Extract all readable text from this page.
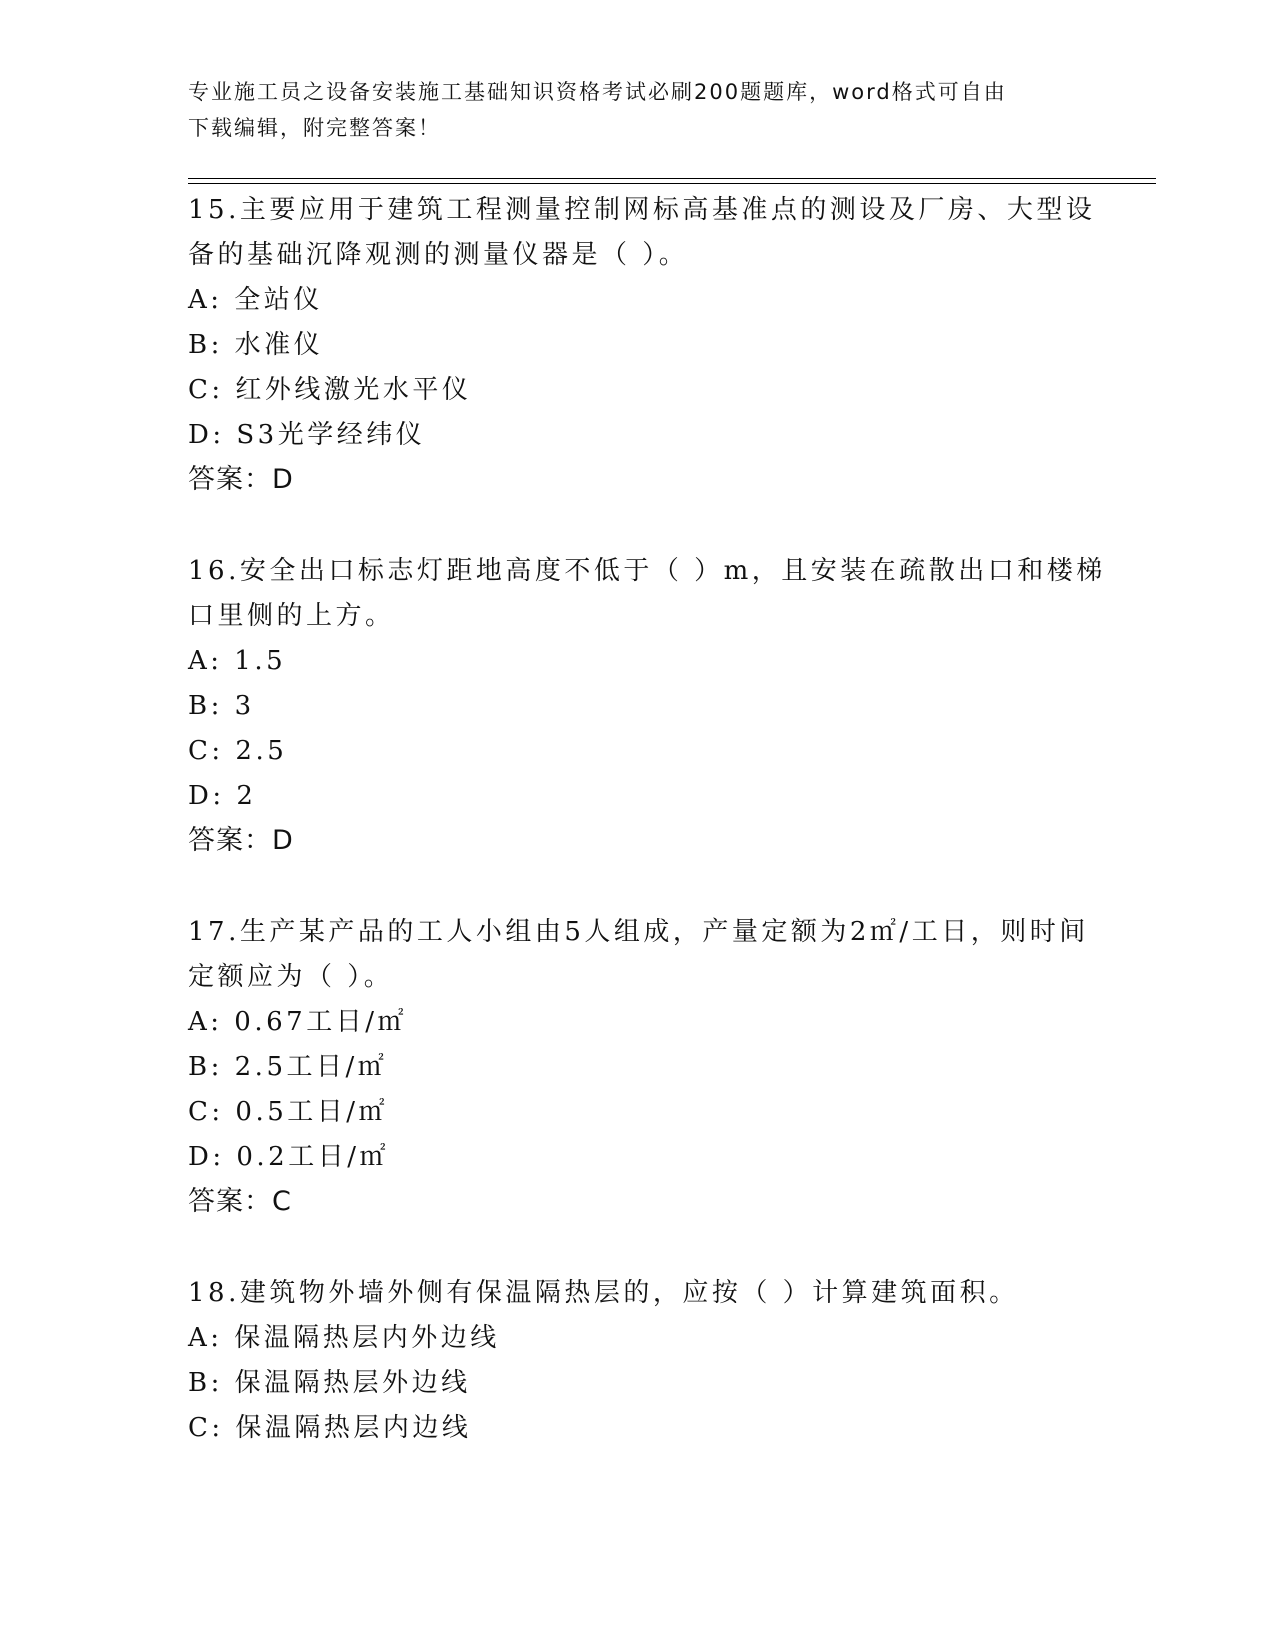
专业施工员之设备安装施工基础知识资格考试必刷200题题库，word格式可自由
下载编辑，附完整答案！
15.主要应用于建筑工程测量控制网标高基准点的测设及厂房、大型设
备的基础沉降观测的测量仪器是（ ）。
A: 全站仪
B: 水准仪
C: 红外线激光水平仪
D: S3光学经纬仪
答案：D
16.安全出口标志灯距地高度不低于（ ）m，且安装在疏散出口和楼梯
口里侧的上方。
A: 1.5
B: 3
C: 2.5
D: 2
答案：D
17.生产某产品的工人小组由5人组成，产量定额为2㎡/工日，则时间
定额应为（ ）。
A: 0.67工日/㎡
B: 2.5工日/㎡
C: 0.5工日/㎡
D: 0.2工日/㎡
答案：C
18.建筑物外墙外侧有保温隔热层的，应按（ ）计算建筑面积。
A: 保温隔热层内外边线
B: 保温隔热层外边线
C: 保温隔热层内边线
